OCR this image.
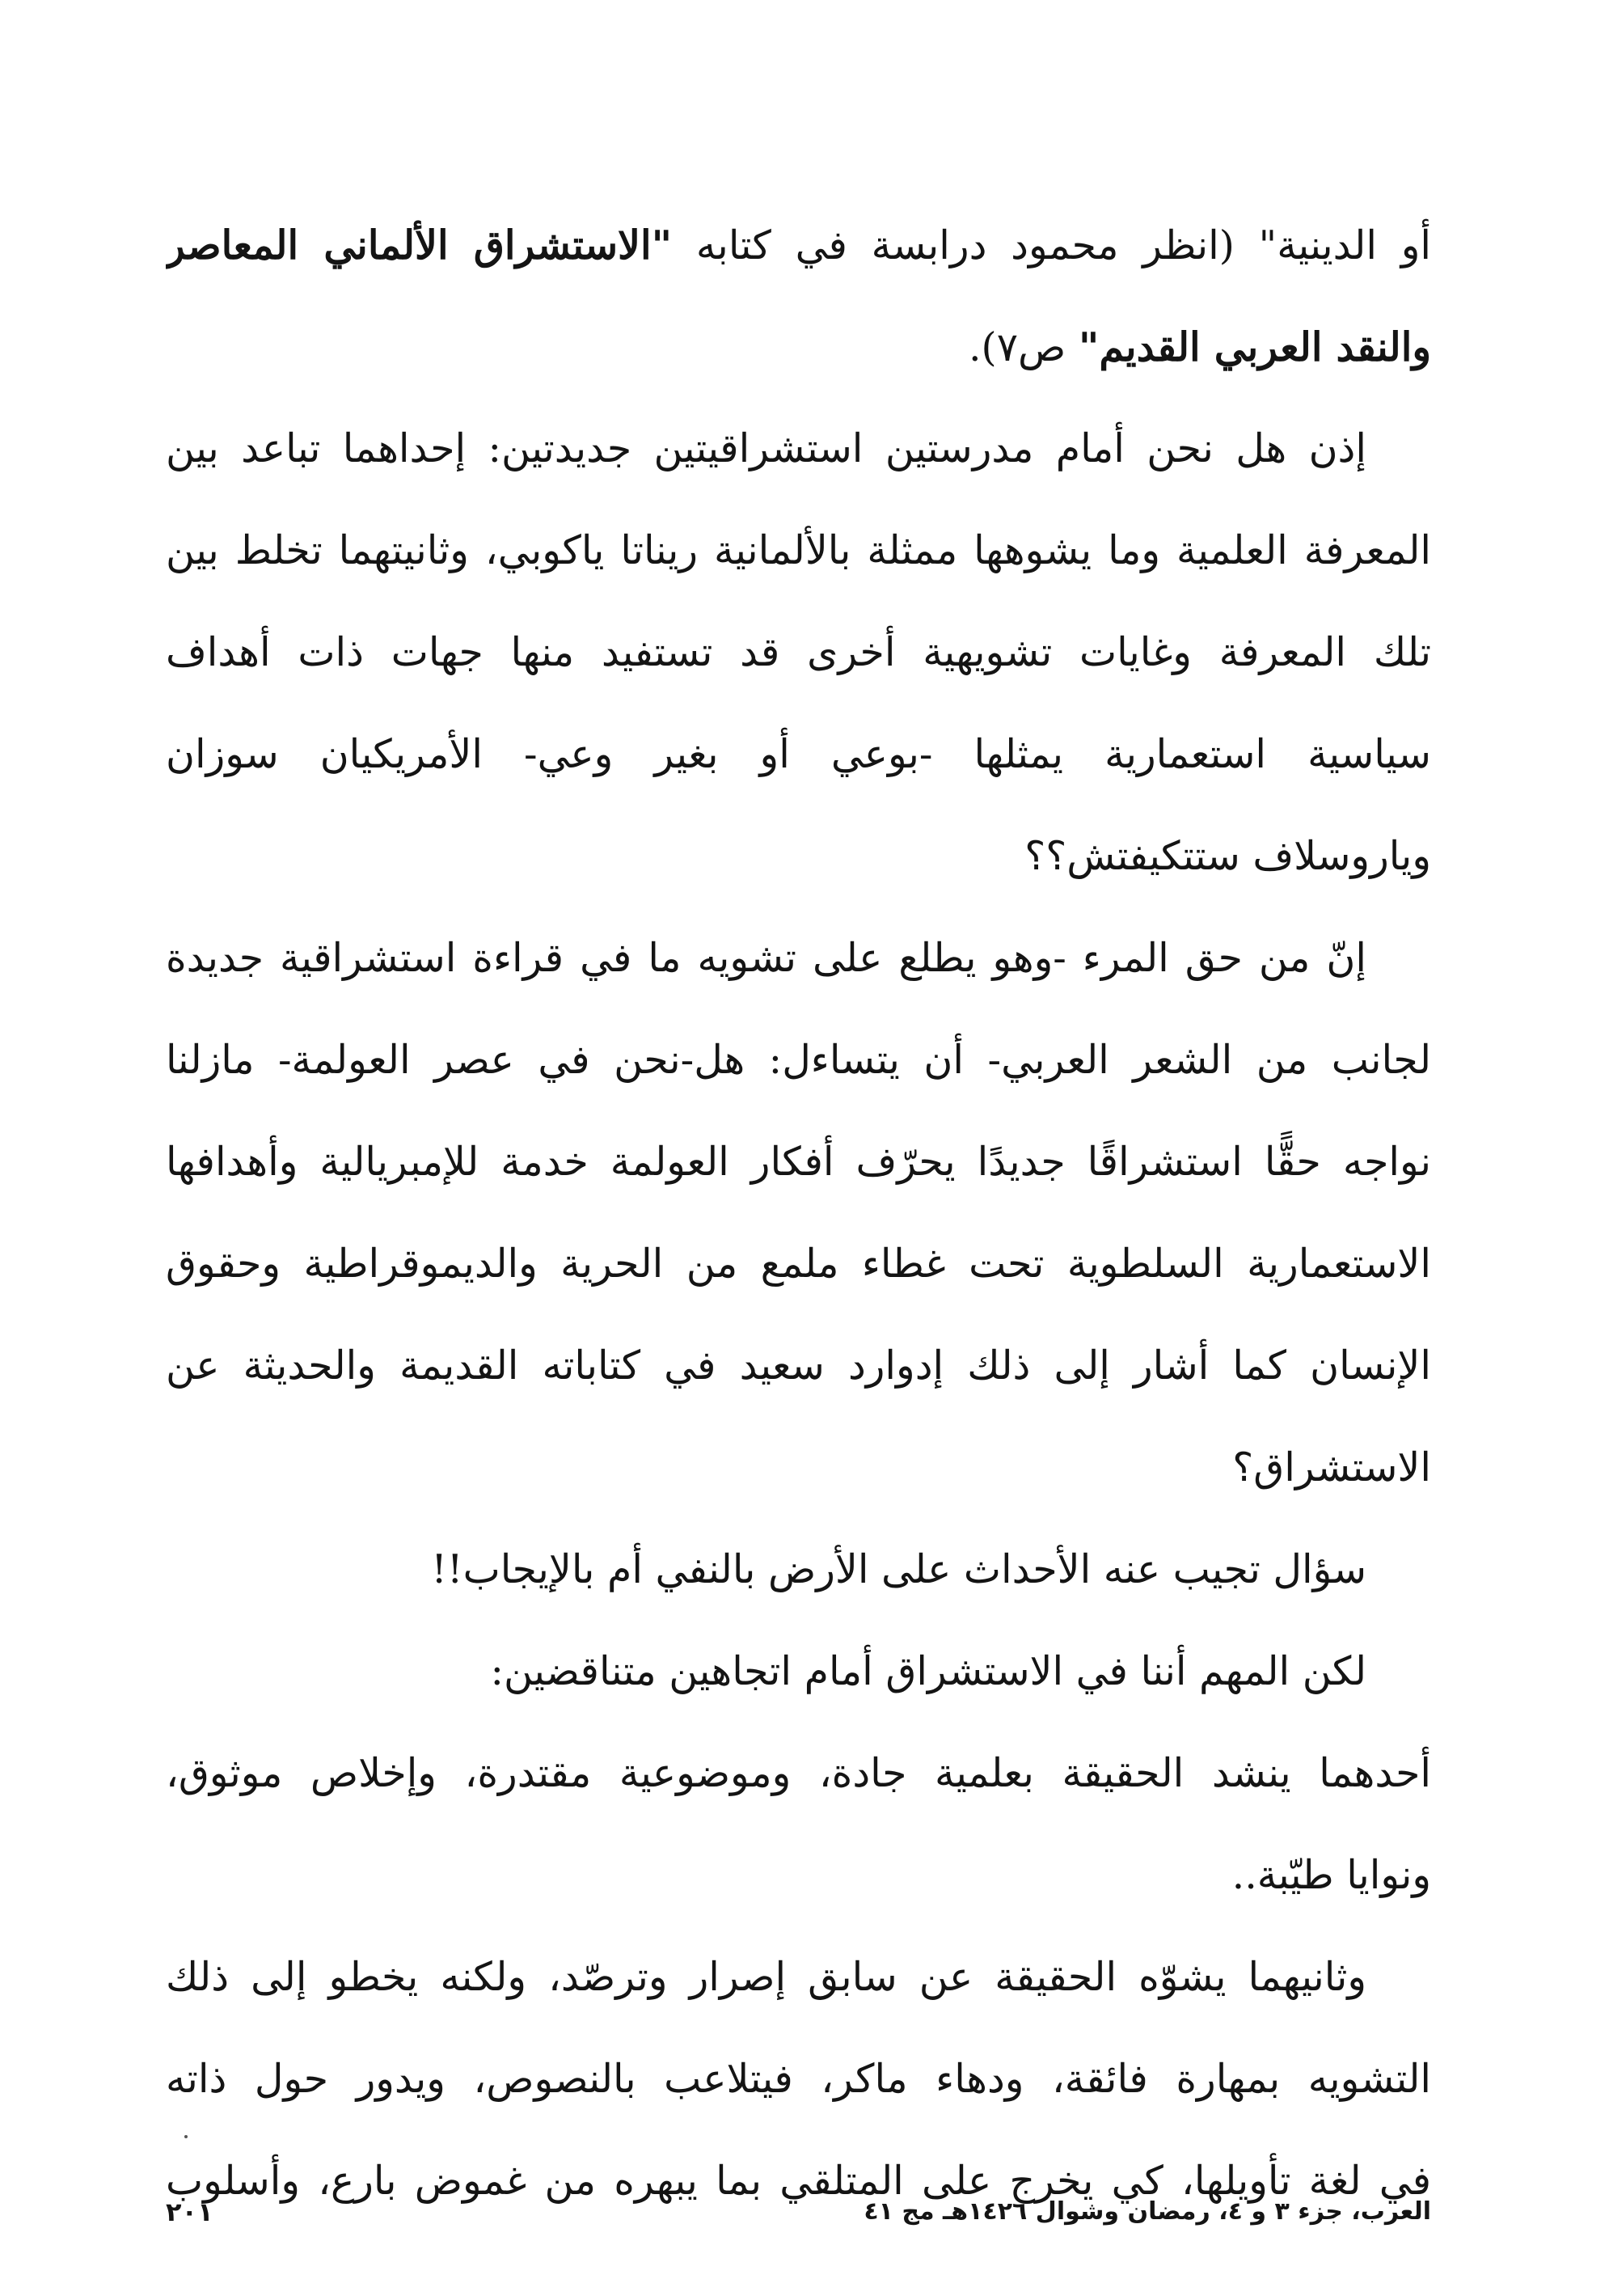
أو الدينية" (انظر محمود درابسة في كتابه "الاستشراق الألماني المعاصر
والنقد العربي القديم" ص٧).
إذن هل نحن أمام مدرستين استشراقيتين جديدتين: إحداهما تباعد بين
المعرفة العلمية وما يشوهها ممثلة بالألمانية ريناتا ياكوبي، وثانيتهما تخلط بين
تلك المعرفة وغايات تشويهية أخرى قد تستفيد منها جهات ذات أهداف
سياسية استعمارية يمثلها -بوعي أو بغير وعي- الأمريكيان سوزان
وياروسلاف ستتكيفتش؟؟
إنّ من حق المرء -وهو يطلع على تشويه ما في قراءة استشراقية جديدة
لجانب من الشعر العربي- أن يتساءل: هل-نحن في عصر العولمة- مازلنا
نواجه حقًّا استشراقًا جديدًا يحرّف أفكار العولمة خدمة للإمبريالية وأهدافها
الاستعمارية السلطوية تحت غطاء ملمع من الحرية والديموقراطية وحقوق
الإنسان كما أشار إلى ذلك إدوارد سعيد في كتاباته القديمة والحديثة عن
الاستشراق؟
سؤال تجيب عنه الأحداث على الأرض بالنفي أم بالإيجاب!!
لكن المهم أننا في الاستشراق أمام اتجاهين متناقضين:
أحدهما ينشد الحقيقة بعلمية جادة، وموضوعية مقتدرة، وإخلاص موثوق،
ونوايا طيّبة..
وثانيهما يشوّه الحقيقة عن سابق إصرار وترصّد، ولكنه يخطو إلى ذلك
التشويه بمهارة فائقة، ودهاء ماكر، فيتلاعب بالنصوص، ويدور حول ذاته
في لغة تأويلها، كي يخرج على المتلقي بما يبهره من غموض بارع، وأسلوب
العرب، جزء ٣ و ٤، رمضان وشوال ١٤٢٦هـ مج ٤١
٢٠١
